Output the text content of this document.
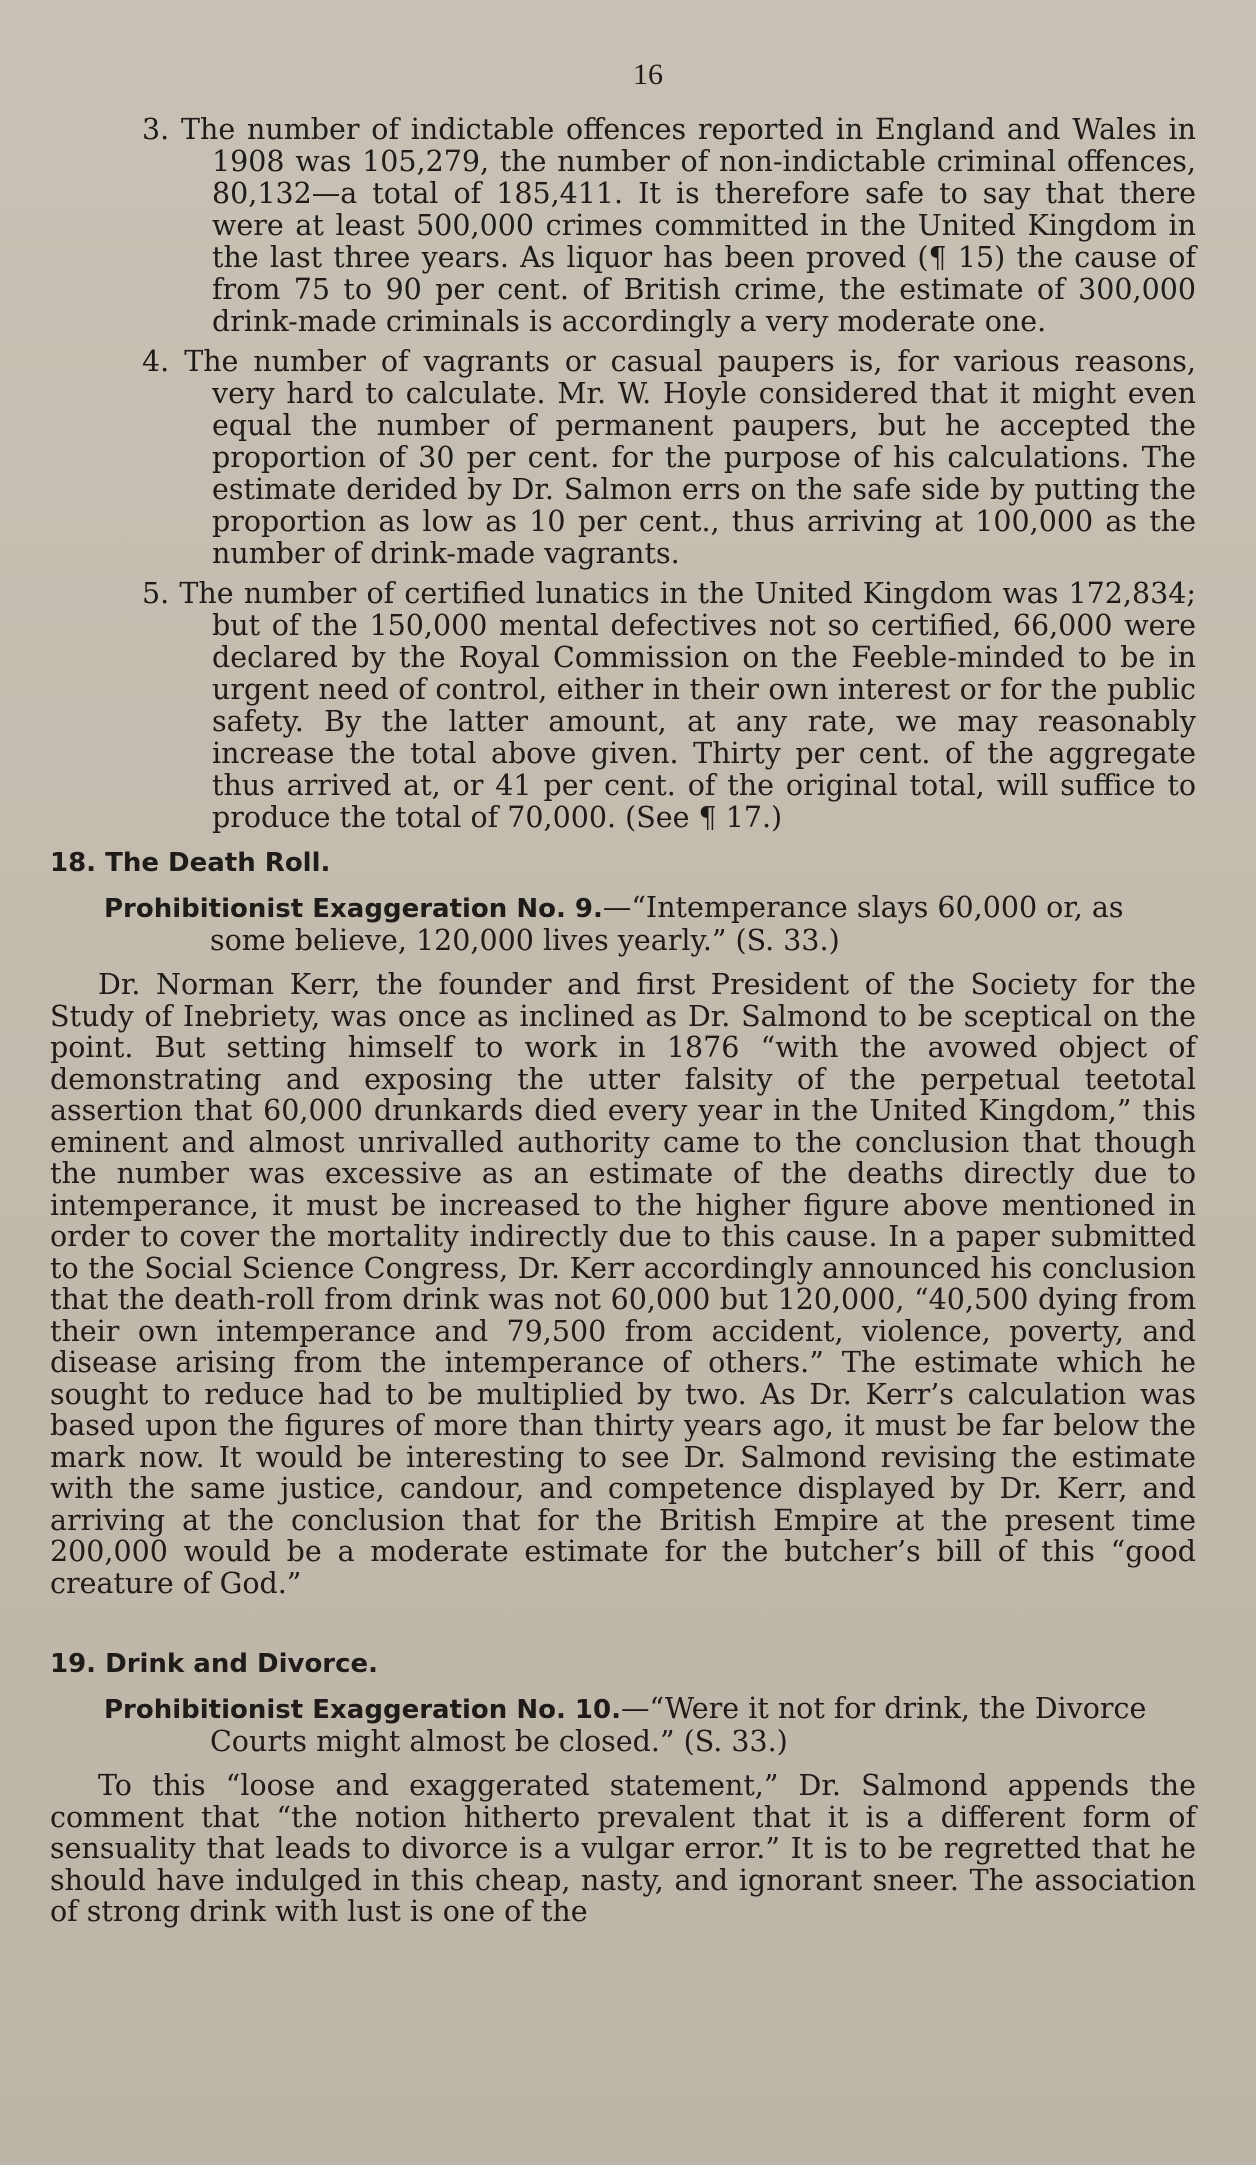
16
3. The number of indictable offences reported in England and Wales in 1908 was 105,279, the number of non-indictable criminal offences, 80,132—a total of 185,411. It is therefore safe to say that there were at least 500,000 crimes committed in the United Kingdom in the last three years. As liquor has been proved (¶ 15) the cause of from 75 to 90 per cent. of British crime, the estimate of 300,000 drink-made criminals is accordingly a very moderate one.
4. The number of vagrants or casual paupers is, for various reasons, very hard to calculate. Mr. W. Hoyle considered that it might even equal the number of permanent paupers, but he accepted the proportion of 30 per cent. for the purpose of his calculations. The estimate derided by Dr. Salmon errs on the safe side by putting the proportion as low as 10 per cent., thus arriving at 100,000 as the number of drink-made vagrants.
5. The number of certified lunatics in the United Kingdom was 172,834; but of the 150,000 mental defectives not so certified, 66,000 were declared by the Royal Commission on the Feeble-minded to be in urgent need of control, either in their own interest or for the public safety. By the latter amount, at any rate, we may reasonably increase the total above given. Thirty per cent. of the aggregate thus arrived at, or 41 per cent. of the original total, will suffice to produce the total of 70,000. (See ¶ 17.)
18. The Death Roll.
Prohibitionist Exaggeration No. 9.—“Intemperance slays 60,000 or, as some believe, 120,000 lives yearly.” (S. 33.)
Dr. Norman Kerr, the founder and first President of the Society for the Study of Inebriety, was once as inclined as Dr. Salmond to be sceptical on the point. But setting himself to work in 1876 “with the avowed object of demonstrating and exposing the utter falsity of the perpetual teetotal assertion that 60,000 drunkards died every year in the United Kingdom,” this eminent and almost unrivalled authority came to the conclusion that though the number was excessive as an estimate of the deaths directly due to intemperance, it must be increased to the higher figure above mentioned in order to cover the mortality indirectly due to this cause. In a paper submitted to the Social Science Congress, Dr. Kerr accordingly announced his conclusion that the death-roll from drink was not 60,000 but 120,000, “40,500 dying from their own intemperance and 79,500 from accident, violence, poverty, and disease arising from the intemperance of others.” The estimate which he sought to reduce had to be multiplied by two. As Dr. Kerr’s calculation was based upon the figures of more than thirty years ago, it must be far below the mark now. It would be interesting to see Dr. Salmond revising the estimate with the same justice, candour, and competence displayed by Dr. Kerr, and arriving at the conclusion that for the British Empire at the present time 200,000 would be a moderate estimate for the butcher’s bill of this “good creature of God.”
19. Drink and Divorce.
Prohibitionist Exaggeration No. 10.—“Were it not for drink, the Divorce Courts might almost be closed.” (S. 33.)
To this “loose and exaggerated statement,” Dr. Salmond appends the comment that “the notion hitherto prevalent that it is a different form of sensuality that leads to divorce is a vulgar error.” It is to be regretted that he should have indulged in this cheap, nasty, and ignorant sneer. The association of strong drink with lust is one of the
